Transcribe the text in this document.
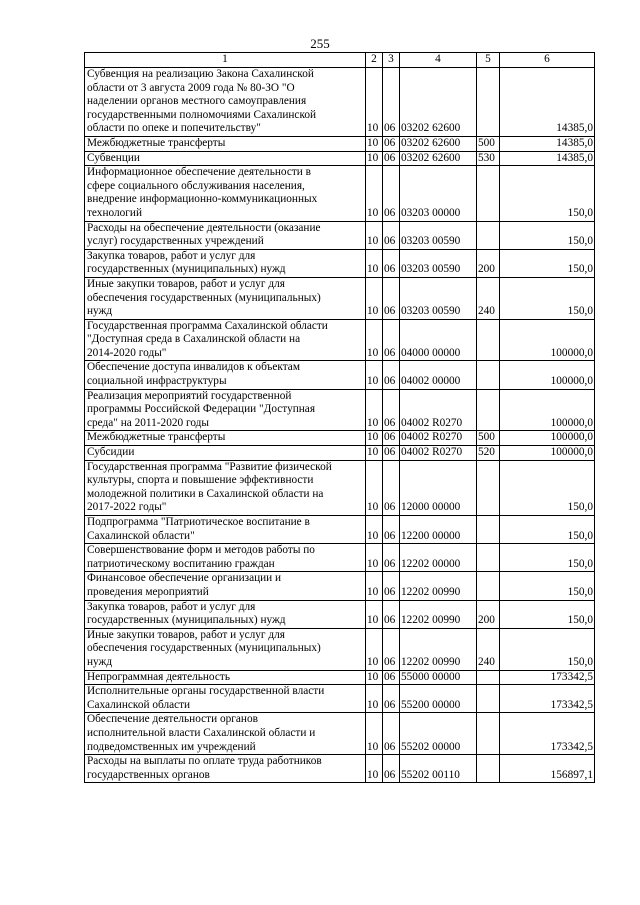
255
1	2	3	4	5	6

Субвенция на реализацию Закона Сахалинской
области от 3 августа 2009 года № 80-ЗО "О
наделении органов местного самоуправления
государственными полномочиями Сахалинской
области по опеке и попечительству"	10	06	03202 62600		14385,0

Межбюджетные трансферты	10	06	03202 62600	500	14385,0

Субвенции	10	06	03202 62600	530	14385,0

Информационное обеспечение деятельности в
сфере социального обслуживания населения,
внедрение информационно-коммуникационных
технологий	10	06	03203 00000		150,0

Расходы на обеспечение деятельности (оказание
услуг) государственных учреждений	10	06	03203 00590		150,0

Закупка товаров, работ и услуг для
государственных (муниципальных) нужд	10	06	03203 00590	200	150,0

Иные закупки товаров, работ и услуг для
обеспечения государственных (муниципальных)
нужд	10	06	03203 00590	240	150,0

Государственная программа Сахалинской области
"Доступная среда в Сахалинской области на
2014-2020 годы"	10	06	04000 00000		100000,0

Обеспечение доступа инвалидов к объектам
социальной инфраструктуры	10	06	04002 00000		100000,0

Реализация мероприятий государственной
программы Российской Федерации "Доступная
среда" на 2011-2020 годы	10	06	04002 R0270		100000,0

Межбюджетные трансферты	10	06	04002 R0270	500	100000,0

Субсидии	10	06	04002 R0270	520	100000,0

Государственная программа "Развитие физической
культуры, спорта и повышение эффективности
молодежной политики в Сахалинской области на
2017-2022 годы"	10	06	12000 00000		150,0

Подпрограмма "Патриотическое воспитание в
Сахалинской области"	10	06	12200 00000		150,0

Совершенствование форм и методов работы по
патриотическому воспитанию граждан	10	06	12202 00000		150,0

Финансовое обеспечение организации и
проведения мероприятий	10	06	12202 00990		150,0

Закупка товаров, работ и услуг для
государственных (муниципальных) нужд	10	06	12202 00990	200	150,0

Иные закупки товаров, работ и услуг для
обеспечения государственных (муниципальных)
нужд	10	06	12202 00990	240	150,0

Непрограммная деятельность	10	06	55000 00000		173342,5

Исполнительные органы государственной власти
Сахалинской области	10	06	55200 00000		173342,5

Обеспечение деятельности органов
исполнительной власти Сахалинской области и
подведомственных им учреждений	10	06	55202 00000		173342,5

Расходы на выплаты по оплате труда работников
государственных органов	10	06	55202 00110		156897,1
